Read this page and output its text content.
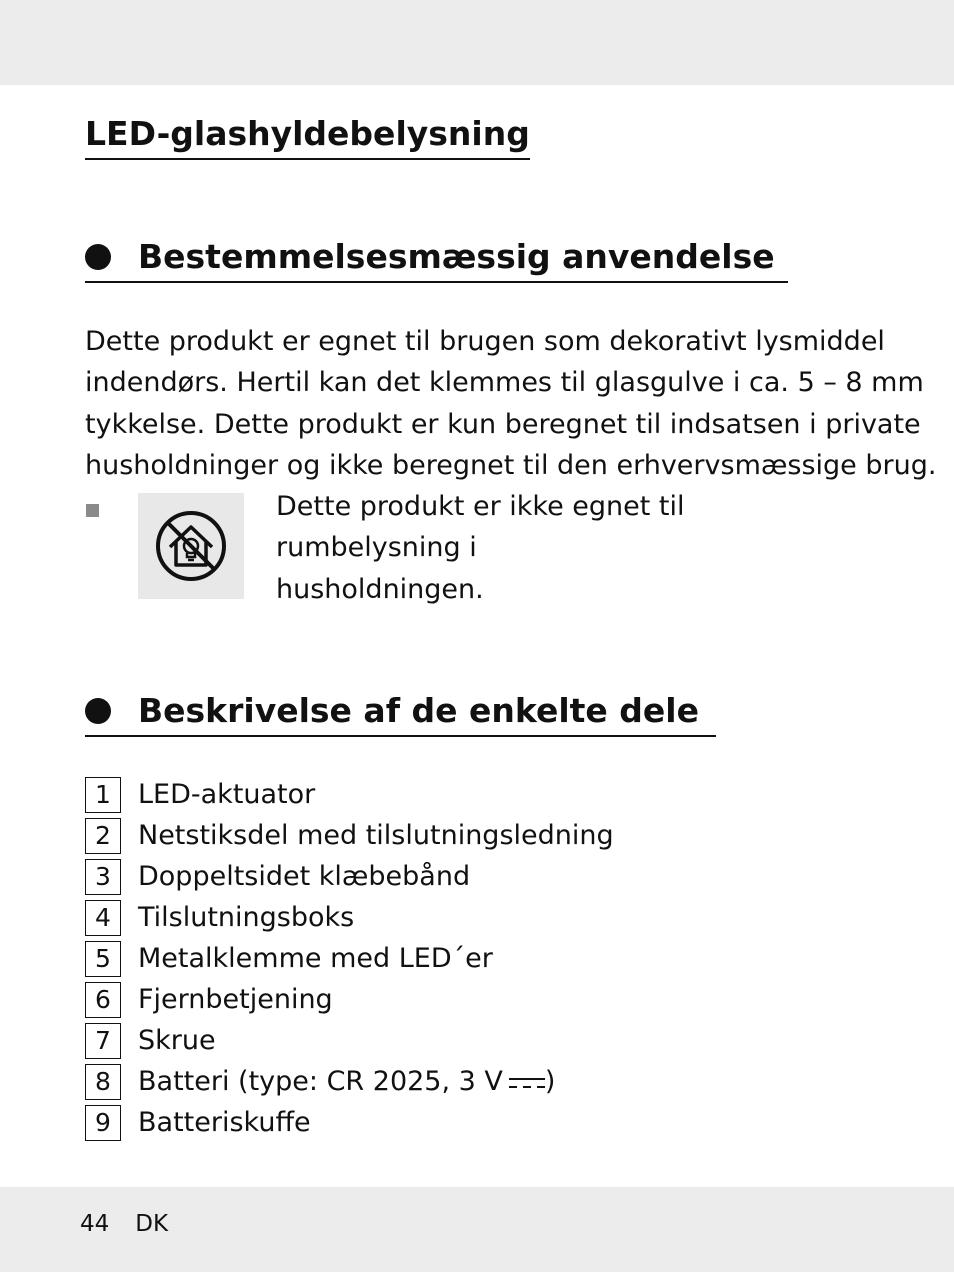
LED-glashyldebelysning
Bestemmelsesmæssig anvendelse

Dette produkt er egnet til brugen som dekorativt lysmiddel
indendørs. Hertil kan det klemmes til glasgulve i ca. 5 – 8 mm
tykkelse. Dette produkt er kun beregnet til indsatsen i private
husholdninger og ikke beregnet til den erhvervsmæssige brug.

Dette produkt er ikke egnet til rumbelysning i
husholdningen.

Beskrivelse af de enkelte dele
1	LED-aktuator
2	Netstiksdel med tilslutningsledning
3	Doppeltsidet klæbebånd
4	Tilslutningsboks
5	Metalklemme med LED´er
6	Fjernbetjening
7	Skrue
8	Batteri (type: CR 2025, 3 V )
9	Batteriskuffe
44 DK
